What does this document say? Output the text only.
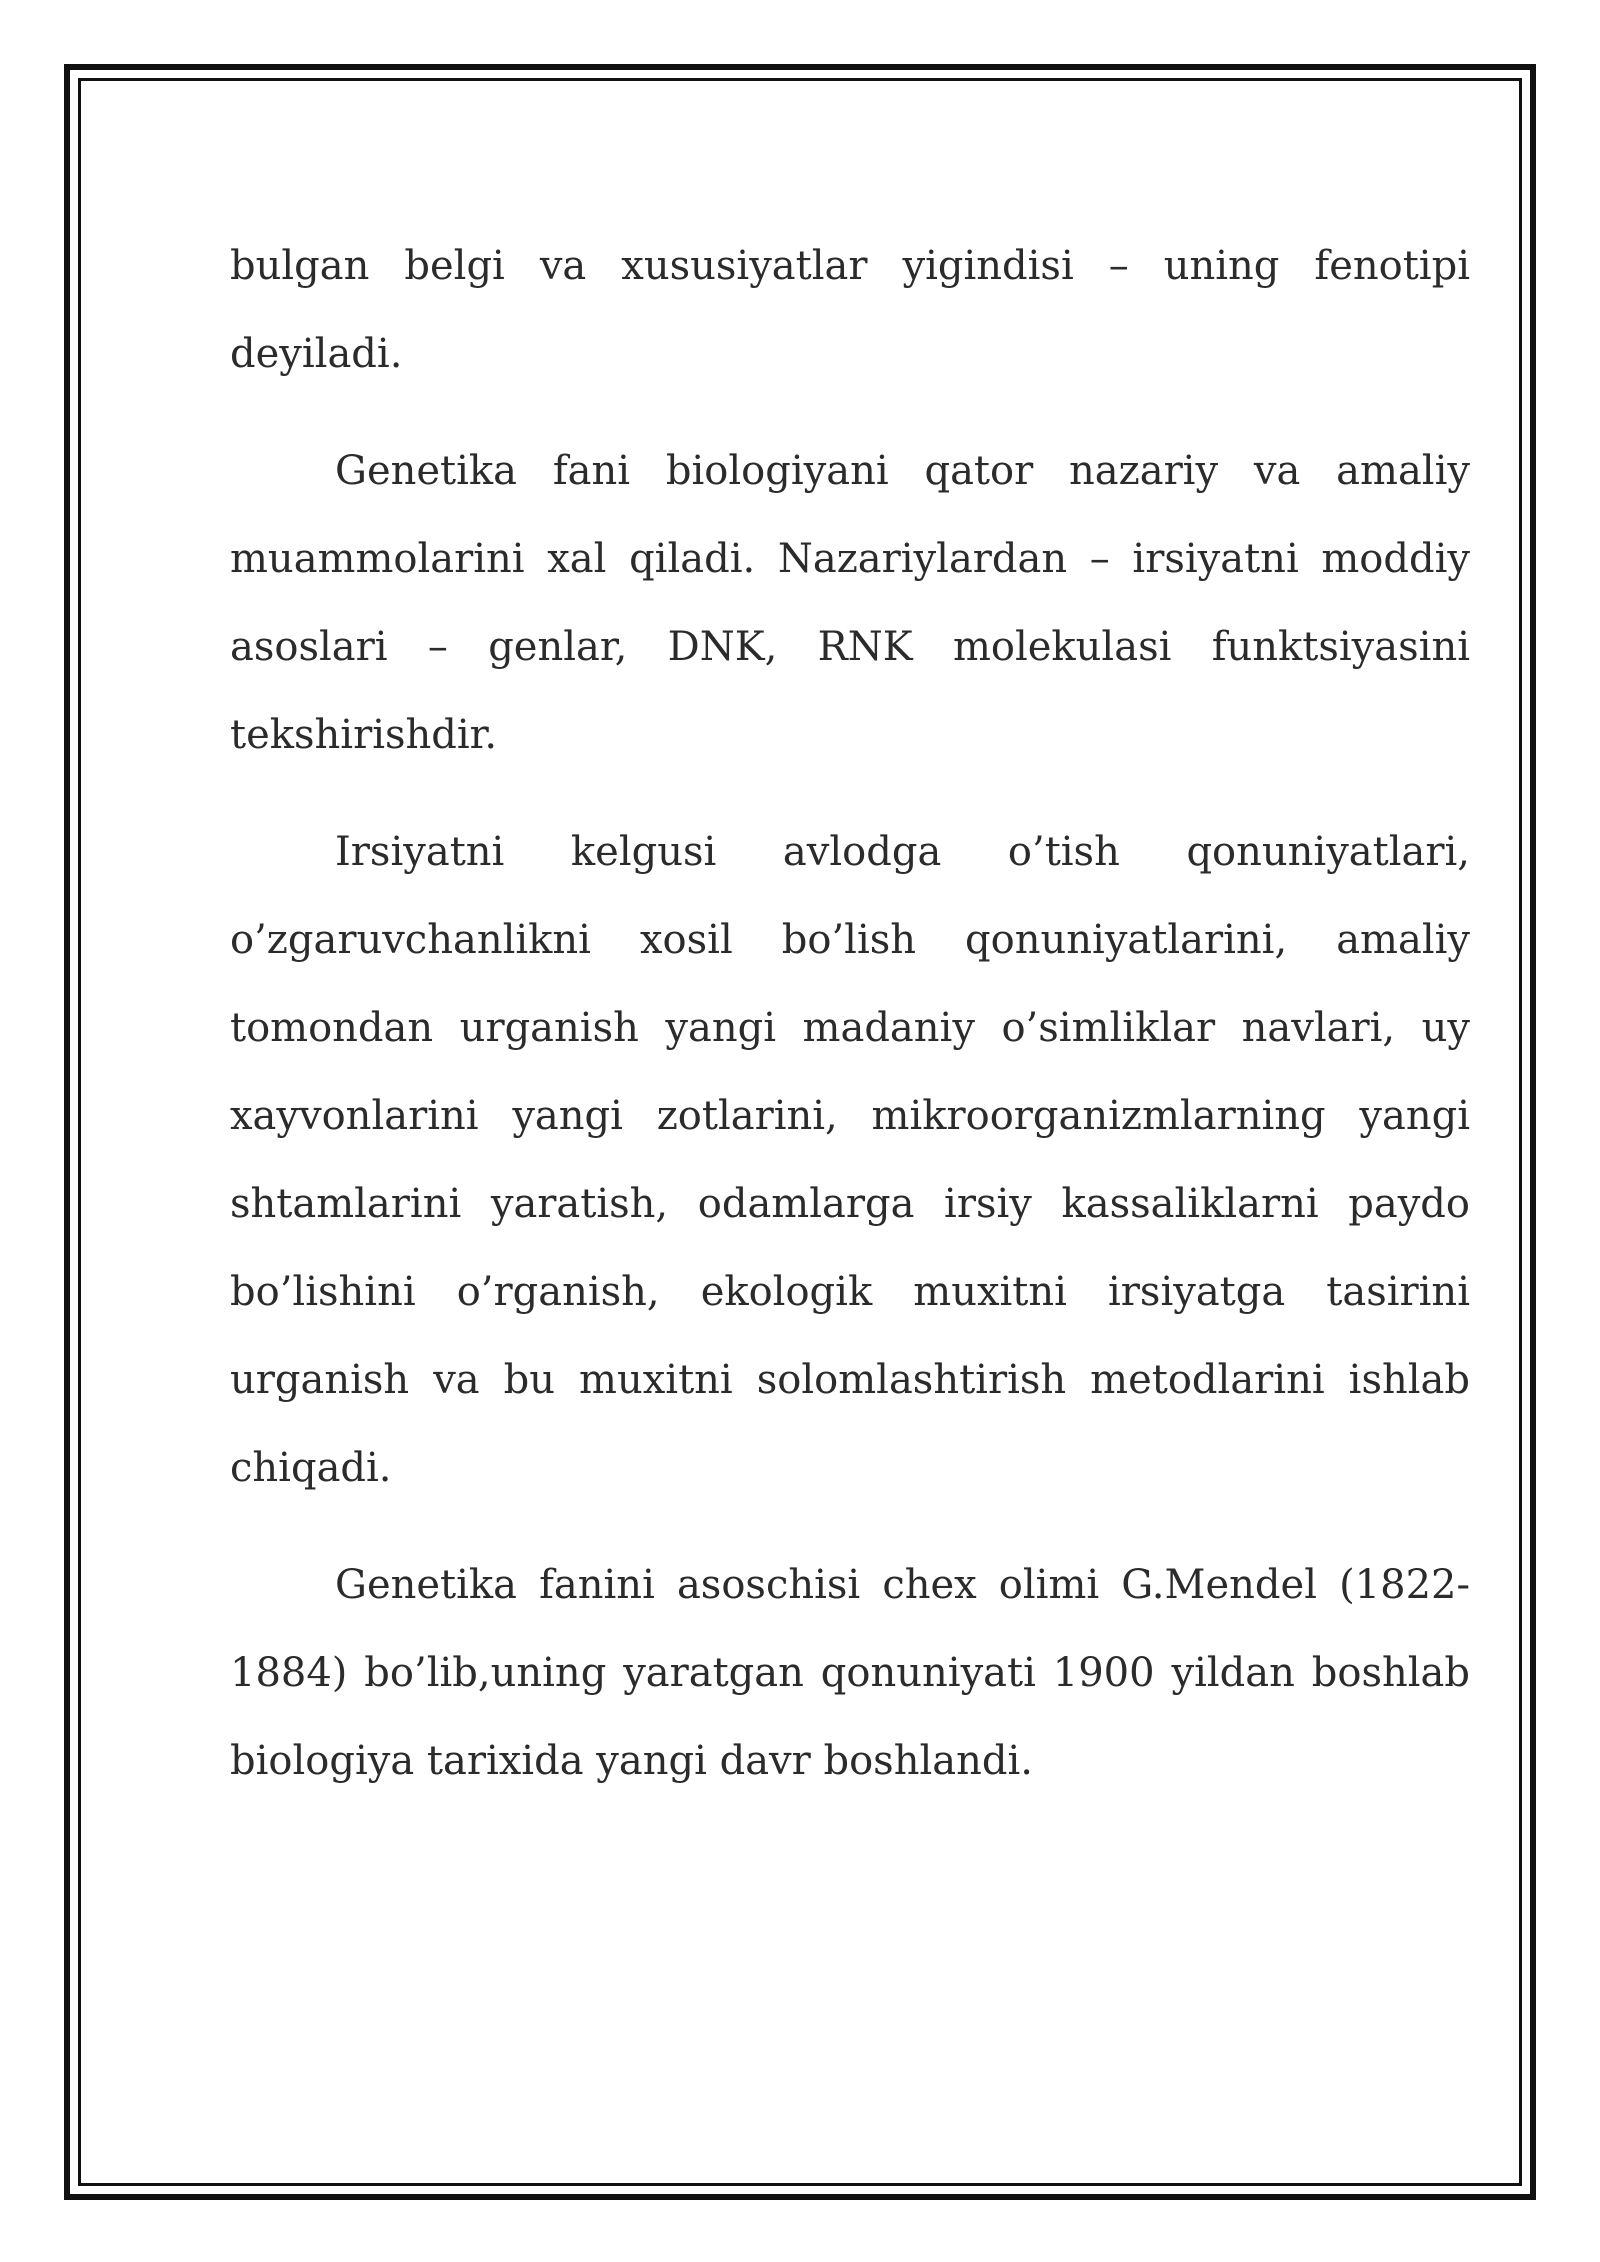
bulgan belgi va xususiyatlar yigindisi – uning fenotipi deyiladi.

Genetika fani biologiyani qator nazariy va amaliy muammolarini xal qiladi. Nazariylardan – irsiyatni moddiy asoslari – genlar, DNK, RNK molekulasi funktsiyasini tekshirishdir.

Irsiyatni kelgusi avlodga o’tish qonuniyatlari, o’zgaruvchanlikni xosil bo’lish qonuniyatlarini, amaliy tomondan urganish yangi madaniy o’simliklar navlari, uy xayvonlarini yangi zotlarini, mikroorganizmlarning yangi shtamlarini yaratish, odamlarga irsiy kassaliklarni paydo bo’lishini o’rganish, ekologik muxitni irsiyatga tasirini urganish va bu muxitni solomlashtirish metodlarini ishlab chiqadi.

Genetika fanini asoschisi chex olimi G.Mendel (1822-1884) bo’lib,uning yaratgan qonuniyati 1900 yildan boshlab biologiya tarixida yangi davr boshlandi.
